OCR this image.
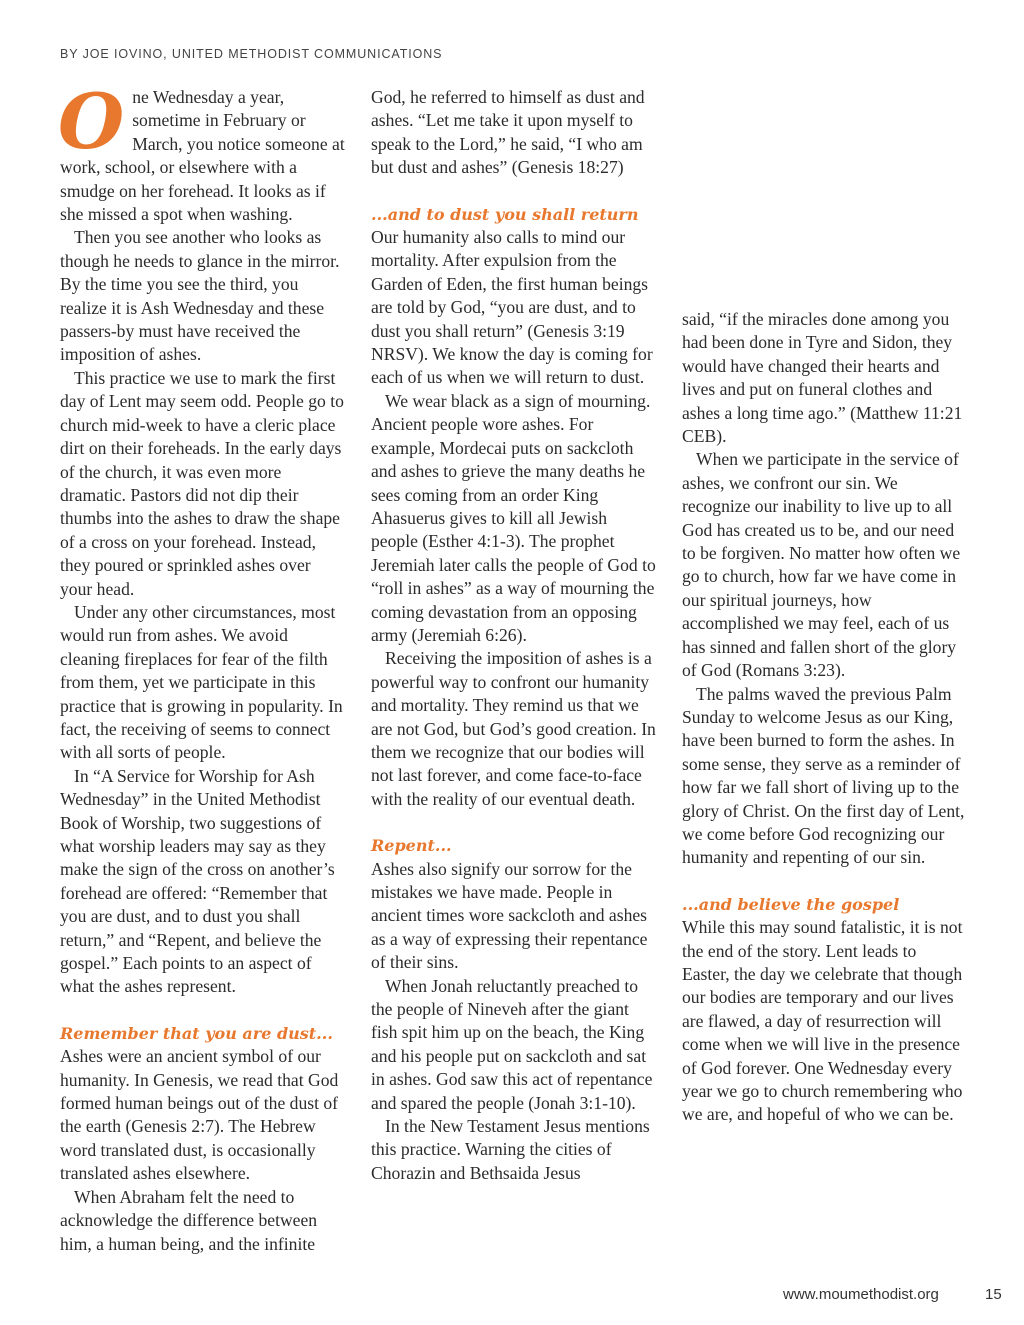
BY JOE IOVINO, UNITED METHODIST COMMUNICATIONS
O ne Wednesday a year, sometime in February or March, you notice someone at work, school, or elsewhere with a smudge on her forehead. It looks as if she missed a spot when washing.

Then you see another who looks as though he needs to glance in the mirror. By the time you see the third, you realize it is Ash Wednesday and these passers-by must have received the imposition of ashes.

This practice we use to mark the first day of Lent may seem odd. People go to church mid-week to have a cleric place dirt on their foreheads. In the early days of the church, it was even more dramatic. Pastors did not dip their thumbs into the ashes to draw the shape of a cross on your forehead. Instead, they poured or sprinkled ashes over your head.

Under any other circumstances, most would run from ashes. We avoid cleaning fireplaces for fear of the filth from them, yet we participate in this practice that is growing in popularity. In fact, the receiving of seems to connect with all sorts of people.

In “A Service for Worship for Ash Wednesday” in the United Methodist Book of Worship, two suggestions of what worship leaders may say as they make the sign of the cross on another’s forehead are offered: “Remember that you are dust, and to dust you shall return,” and “Repent, and believe the gospel.” Each points to an aspect of what the ashes represent.

Remember that you are dust...

Ashes were an ancient symbol of our humanity. In Genesis, we read that God formed human beings out of the dust of the earth (Genesis 2:7). The Hebrew word translated dust, is occasionally translated ashes elsewhere.

When Abraham felt the need to acknowledge the difference between him, a human being, and the infinite

God, he referred to himself as dust and ashes. “Let me take it upon myself to speak to the Lord,” he said, “I who am but dust and ashes” (Genesis 18:27)

...and to dust you shall return

Our humanity also calls to mind our mortality. After expulsion from the Garden of Eden, the first human beings are told by God, “you are dust, and to dust you shall return” (Genesis 3:19 NRSV). We know the day is coming for each of us when we will return to dust.

We wear black as a sign of mourning. Ancient people wore ashes. For example, Mordecai puts on sackcloth and ashes to grieve the many deaths he sees coming from an order King Ahasuerus gives to kill all Jewish people (Esther 4:1-3). The prophet Jeremiah later calls the people of God to “roll in ashes” as a way of mourning the coming devastation from an opposing army (Jeremiah 6:26).

Receiving the imposition of ashes is a powerful way to confront our humanity and mortality. They remind us that we are not God, but God’s good creation. In them we recognize that our bodies will not last forever, and come face-to-face with the reality of our eventual death.

Repent...

Ashes also signify our sorrow for the mistakes we have made. People in ancient times wore sackcloth and ashes as a way of expressing their repentance of their sins.

When Jonah reluctantly preached to the people of Nineveh after the giant fish spit him up on the beach, the King and his people put on sackcloth and sat in ashes. God saw this act of repentance and spared the people (Jonah 3:1-10).

In the New Testament Jesus mentions this practice. Warning the cities of Chorazin and Bethsaida Jesus

said, “if the miracles done among you had been done in Tyre and Sidon, they would have changed their hearts and lives and put on funeral clothes and ashes a long time ago.” (Matthew 11:21 CEB).

When we participate in the service of ashes, we confront our sin. We recognize our inability to live up to all God has created us to be, and our need to be forgiven. No matter how often we go to church, how far we have come in our spiritual journeys, how accomplished we may feel, each of us has sinned and fallen short of the glory of God (Romans 3:23).

The palms waved the previous Palm Sunday to welcome Jesus as our King, have been burned to form the ashes. In some sense, they serve as a reminder of how far we fall short of living up to the glory of Christ. On the first day of Lent, we come before God recognizing our humanity and repenting of our sin.

...and believe the gospel

While this may sound fatalistic, it is not the end of the story. Lent leads to Easter, the day we celebrate that though our bodies are temporary and our lives are flawed, a day of resurrection will come when we will live in the presence of God forever. One Wednesday every year we go to church remembering who we are, and hopeful of who we can be.

www.moumethodist.org	15
